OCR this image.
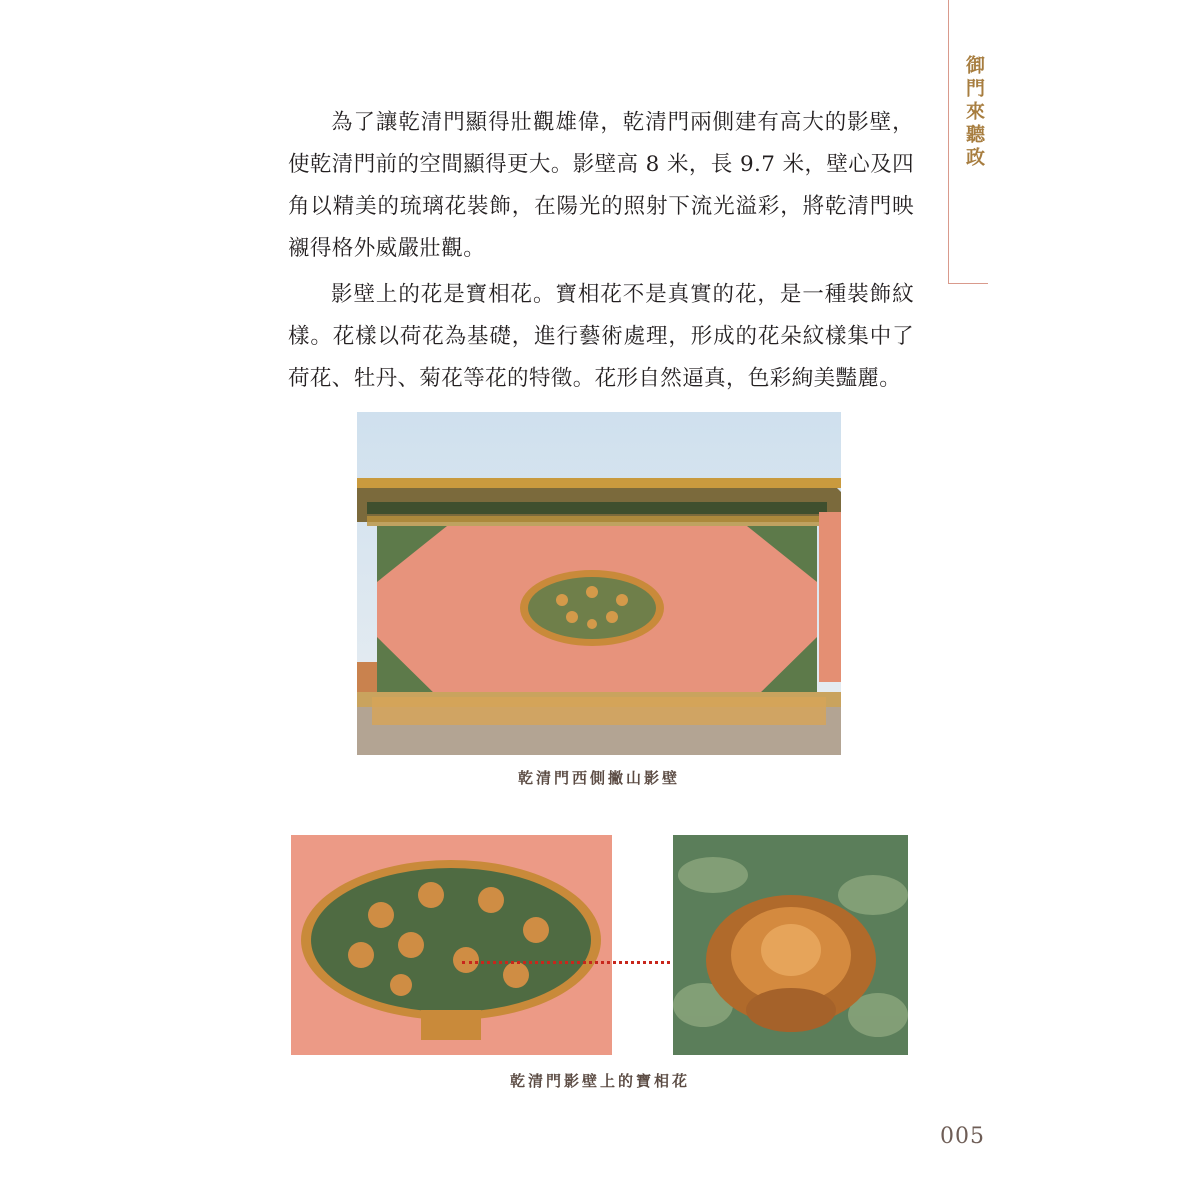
御門來聽政

為了讓乾清門顯得壯觀雄偉，乾清門兩側建有高大的影壁，使乾清門前的空間顯得更大。影壁高 8 米，長 9.7 米，壁心及四角以精美的琉璃花裝飾，在陽光的照射下流光溢彩，將乾清門映襯得格外威嚴壯觀。

影壁上的花是寶相花。寶相花不是真實的花，是一種裝飾紋樣。花樣以荷花為基礎，進行藝術處理，形成的花朵紋樣集中了荷花、牡丹、菊花等花的特徵。花形自然逼真，色彩絢美豔麗。

乾清門西側撇山影壁
乾清門影壁上的寶相花
005
